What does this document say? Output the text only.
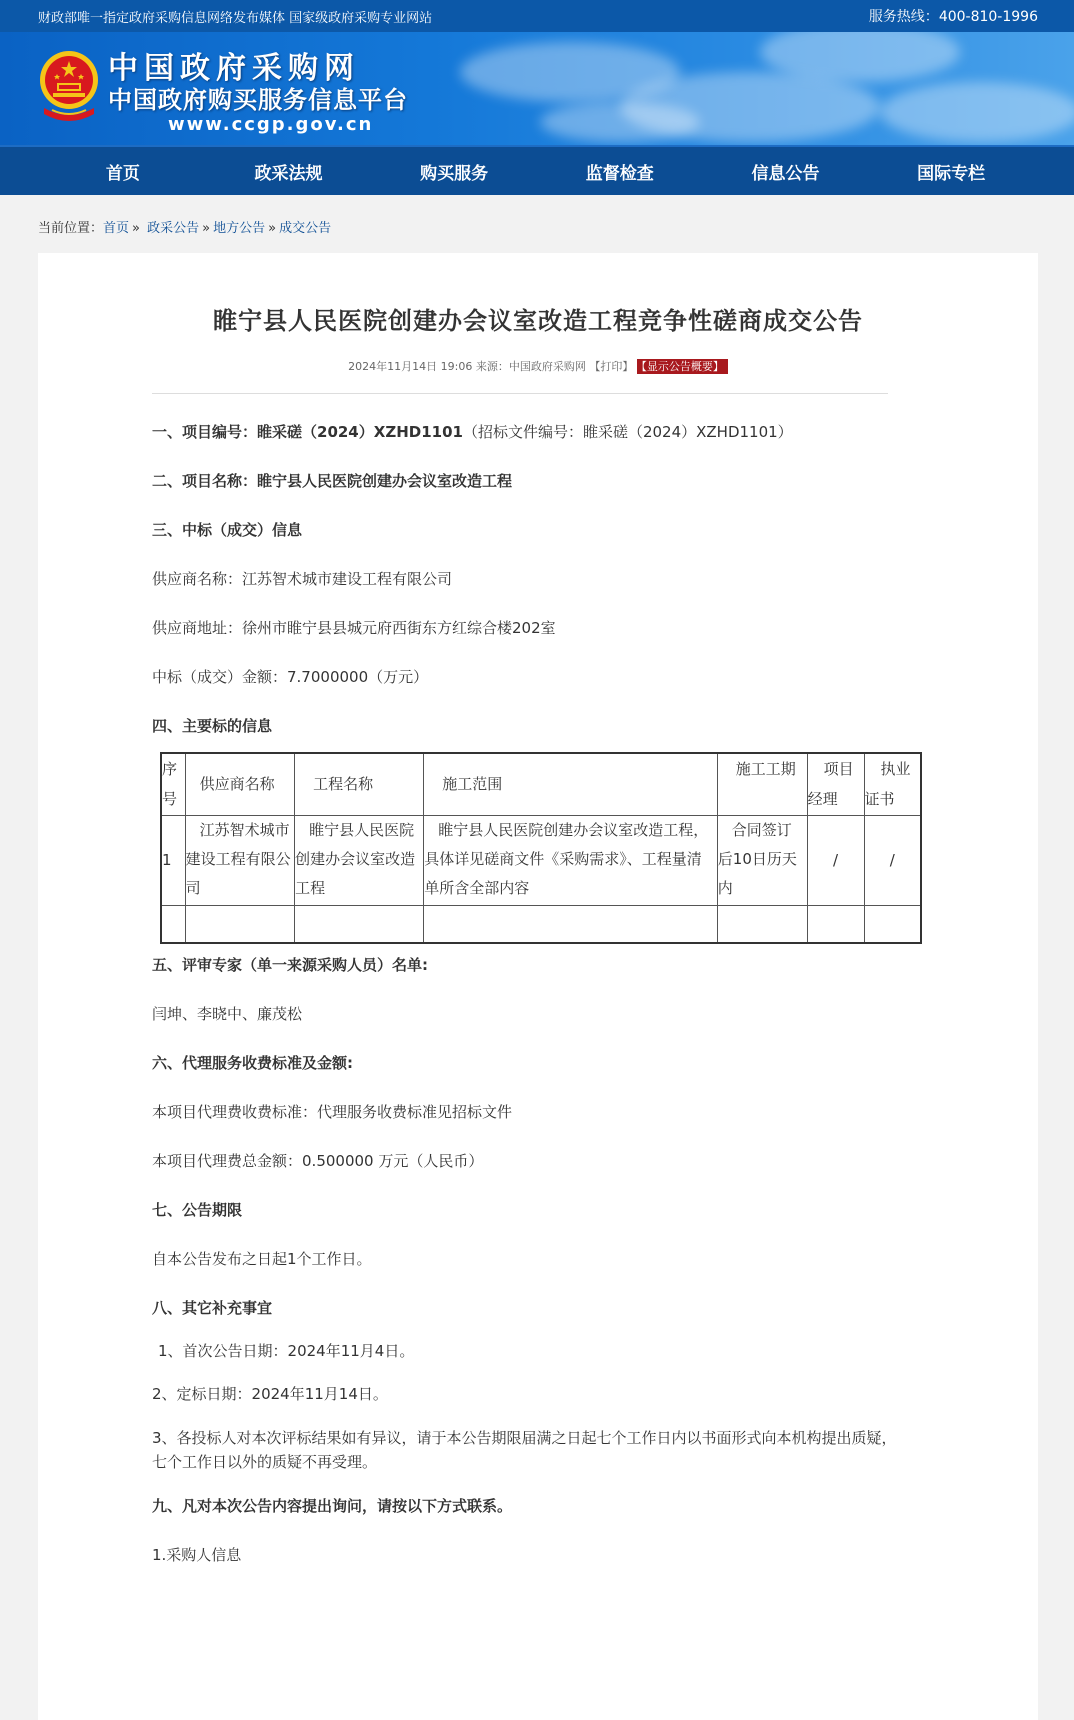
财政部唯一指定政府采购信息网络发布媒体 国家级政府采购专业网站	服务热线：400-810-1996
中国政府采购网
中国政府购买服务信息平台
www.ccgp.gov.cn
首页	政采法规	购买服务	监督检查	信息公告	国际专栏
当前位置：首页 » 政采公告 » 地方公告 » 成交公告
睢宁县人民医院创建办会议室改造工程竞争性磋商成交公告
2024年11月14日 19:06 来源：中国政府采购网 【打印】 【显示公告概要】

一、项目编号：睢采磋（2024）XZHD1101（招标文件编号：睢采磋（2024）XZHD1101）

二、项目名称：睢宁县人民医院创建办会议室改造工程

三、中标（成交）信息

供应商名称：江苏智术城市建设工程有限公司

供应商地址：徐州市睢宁县县城元府西街东方红综合楼202室

中标（成交）金额：7.7000000（万元）

四、主要标的信息

序号	供应商名称	工程名称	施工范围	施工工期	项目经理	执业证书
1	江苏智术城市建设工程有限公司	睢宁县人民医院创建办会议室改造工程	睢宁县人民医院创建办会议室改造工程，具体详见磋商文件《采购需求》、工程量清单所含全部内容	合同签订后10日历天内	/	/

五、评审专家（单一来源采购人员）名单:

闫坤、李晓中、廉茂松

六、代理服务收费标准及金额:

本项目代理费收费标准：代理服务收费标准见招标文件

本项目代理费总金额：0.500000 万元（人民币）

七、公告期限

自本公告发布之日起1个工作日。

八、其它补充事宜

1、首次公告日期：2024年11月4日。

2、定标日期：2024年11月14日。

3、各投标人对本次评标结果如有异议，请于本公告期限届满之日起七个工作日内以书面形式向本机构提出质疑，七个工作日以外的质疑不再受理。

九、凡对本次公告内容提出询问，请按以下方式联系。

1.采购人信息
